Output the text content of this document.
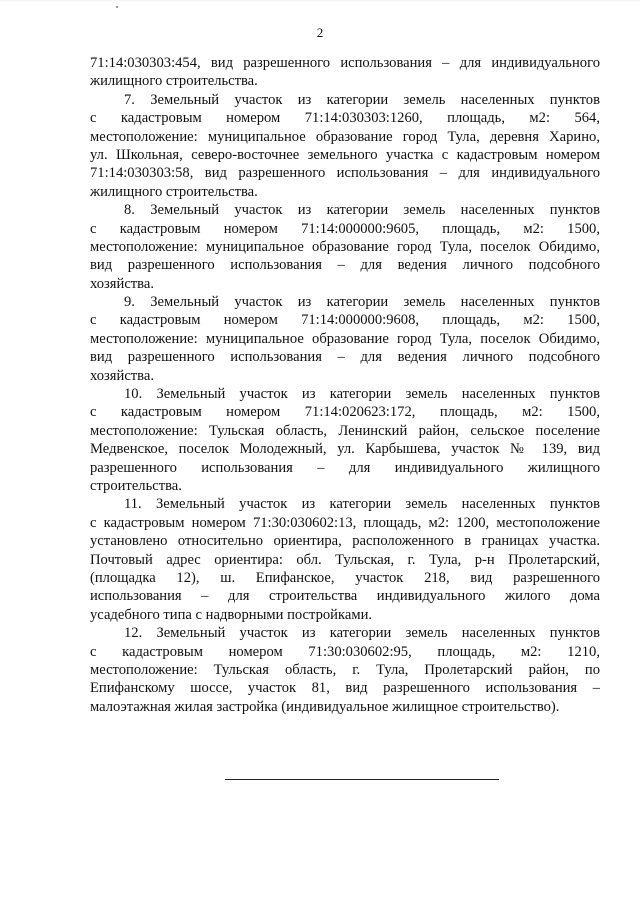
2
71:14:030303:454, вид разрешенного использования – для индивидуального
жилищного строительства.
7. Земельный участок из категории земель населенных пунктов
с кадастровым номером 71:14:030303:1260, площадь, м2: 564,
местоположение: муниципальное образование город Тула, деревня Харино,
ул. Школьная, северо-восточнее земельного участка с кадастровым номером
71:14:030303:58, вид разрешенного использования – для индивидуального
жилищного строительства.
8. Земельный участок из категории земель населенных пунктов
с кадастровым номером 71:14:000000:9605, площадь, м2: 1500,
местоположение: муниципальное образование город Тула, поселок Обидимо,
вид разрешенного использования – для ведения личного подсобного
хозяйства.
9. Земельный участок из категории земель населенных пунктов
с кадастровым номером 71:14:000000:9608, площадь, м2: 1500,
местоположение: муниципальное образование город Тула, поселок Обидимо,
вид разрешенного использования – для ведения личного подсобного
хозяйства.
10. Земельный участок из категории земель населенных пунктов
с кадастровым номером 71:14:020623:172, площадь, м2: 1500,
местоположение: Тульская область, Ленинский район, сельское поселение
Медвенское, поселок Молодежный, ул. Карбышева, участок № 139, вид
разрешенного использования – для индивидуального жилищного
строительства.
11. Земельный участок из категории земель населенных пунктов
с кадастровым номером 71:30:030602:13, площадь, м2: 1200, местоположение
установлено относительно ориентира, расположенного в границах участка.
Почтовый адрес ориентира: обл. Тульская, г. Тула, р-н Пролетарский,
(площадка 12), ш. Епифанское, участок 218, вид разрешенного
использования – для строительства индивидуального жилого дома
усадебного типа с надворными постройками.
12. Земельный участок из категории земель населенных пунктов
с кадастровым номером 71:30:030602:95, площадь, м2: 1210,
местоположение: Тульская область, г. Тула, Пролетарский район, по
Епифанскому шоссе, участок 81, вид разрешенного использования –
малоэтажная жилая застройка (индивидуальное жилищное строительство).
